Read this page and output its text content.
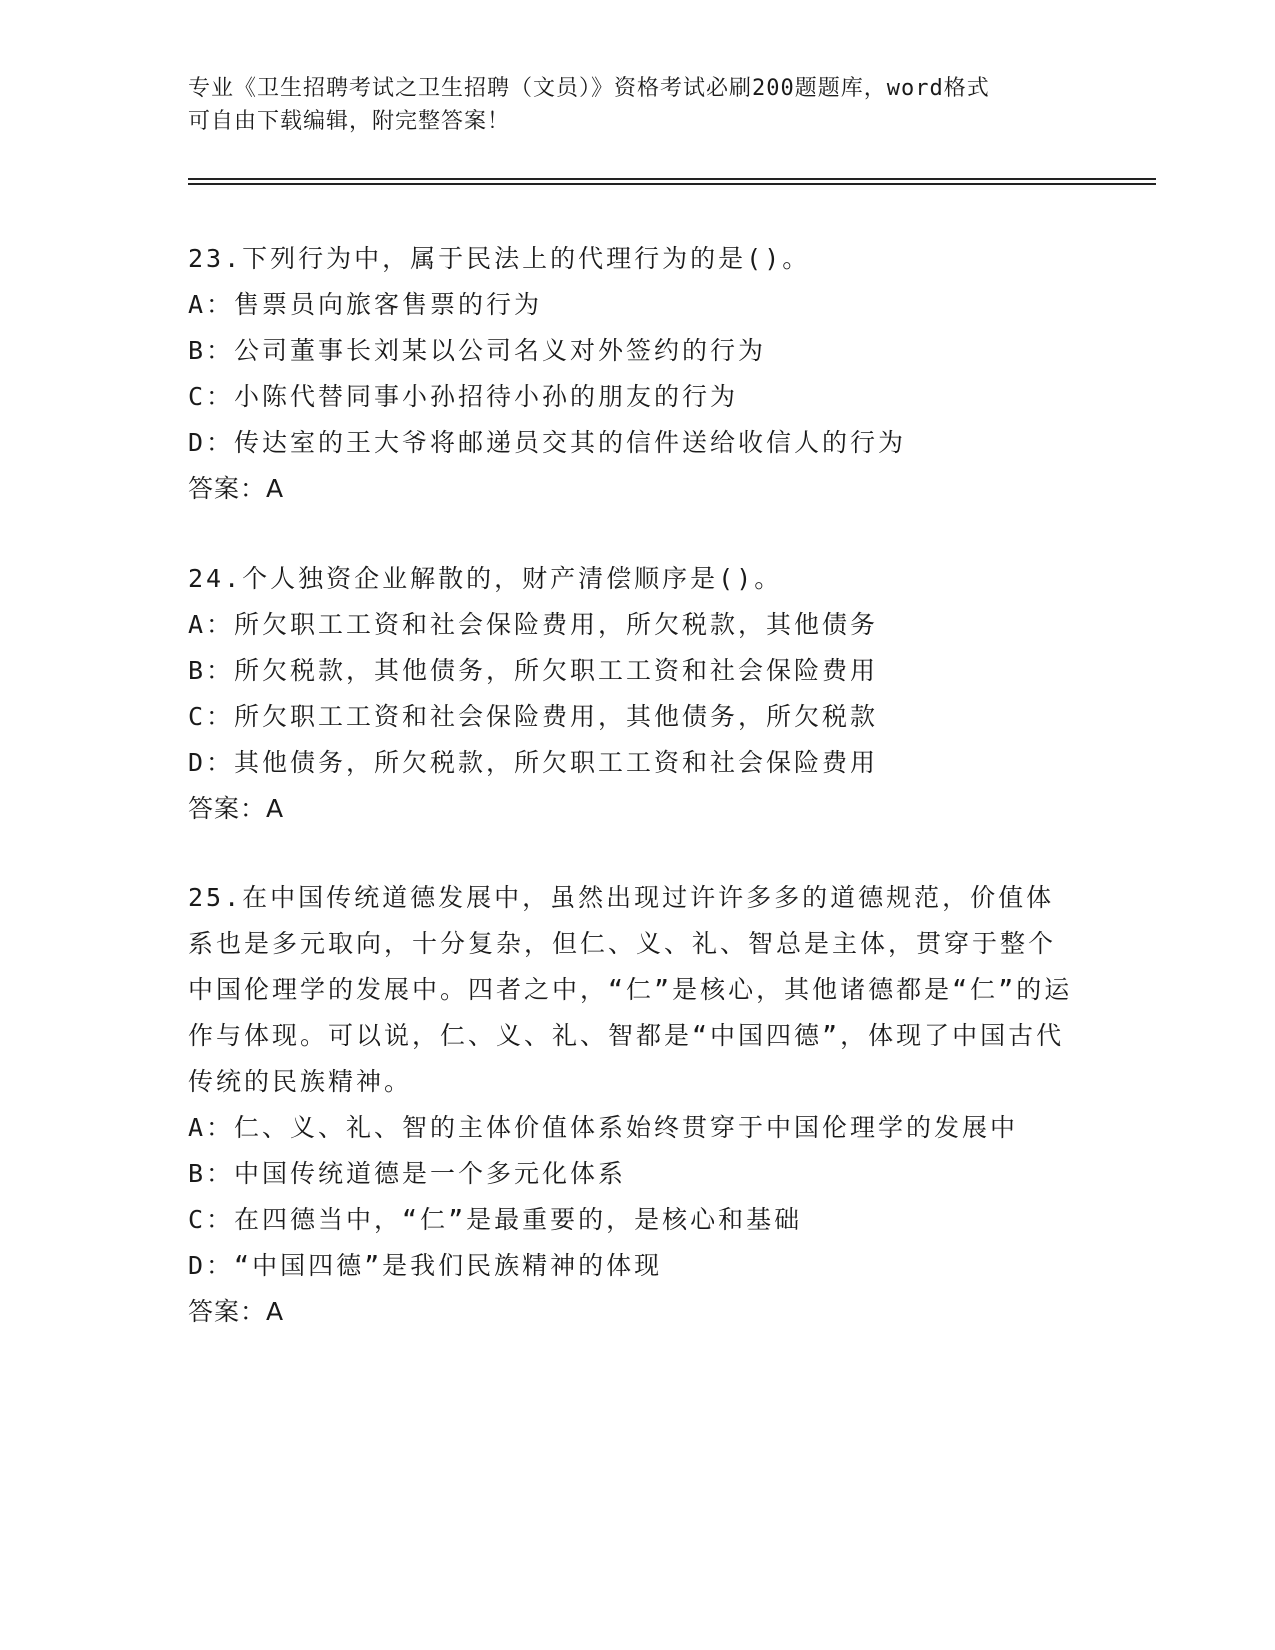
专业《卫生招聘考试之卫生招聘（文员）》资格考试必刷200题题库，word格式
可自由下载编辑，附完整答案！

23.下列行为中，属于民法上的代理行为的是()。

A：售票员向旅客售票的行为

B：公司董事长刘某以公司名义对外签约的行为

C：小陈代替同事小孙招待小孙的朋友的行为

D：传达室的王大爷将邮递员交其的信件送给收信人的行为

答案：A

24.个人独资企业解散的，财产清偿顺序是()。

A：所欠职工工资和社会保险费用，所欠税款，其他债务

B：所欠税款，其他债务，所欠职工工资和社会保险费用

C：所欠职工工资和社会保险费用，其他债务，所欠税款

D：其他债务，所欠税款，所欠职工工资和社会保险费用

答案：A

25.在中国传统道德发展中，虽然出现过许许多多的道德规范，价值体系也是多元取向，十分复杂，但仁、义、礼、智总是主体，贯穿于整个中国伦理学的发展中。四者之中，“仁”是核心，其他诸德都是“仁”的运作与体现。可以说，仁、义、礼、智都是“中国四德”，体现了中国古代传统的民族精神。

A：仁、义、礼、智的主体价值体系始终贯穿于中国伦理学的发展中

B：中国传统道德是一个多元化体系

C：在四德当中，“仁”是最重要的，是核心和基础

D：“中国四德”是我们民族精神的体现

答案：A
